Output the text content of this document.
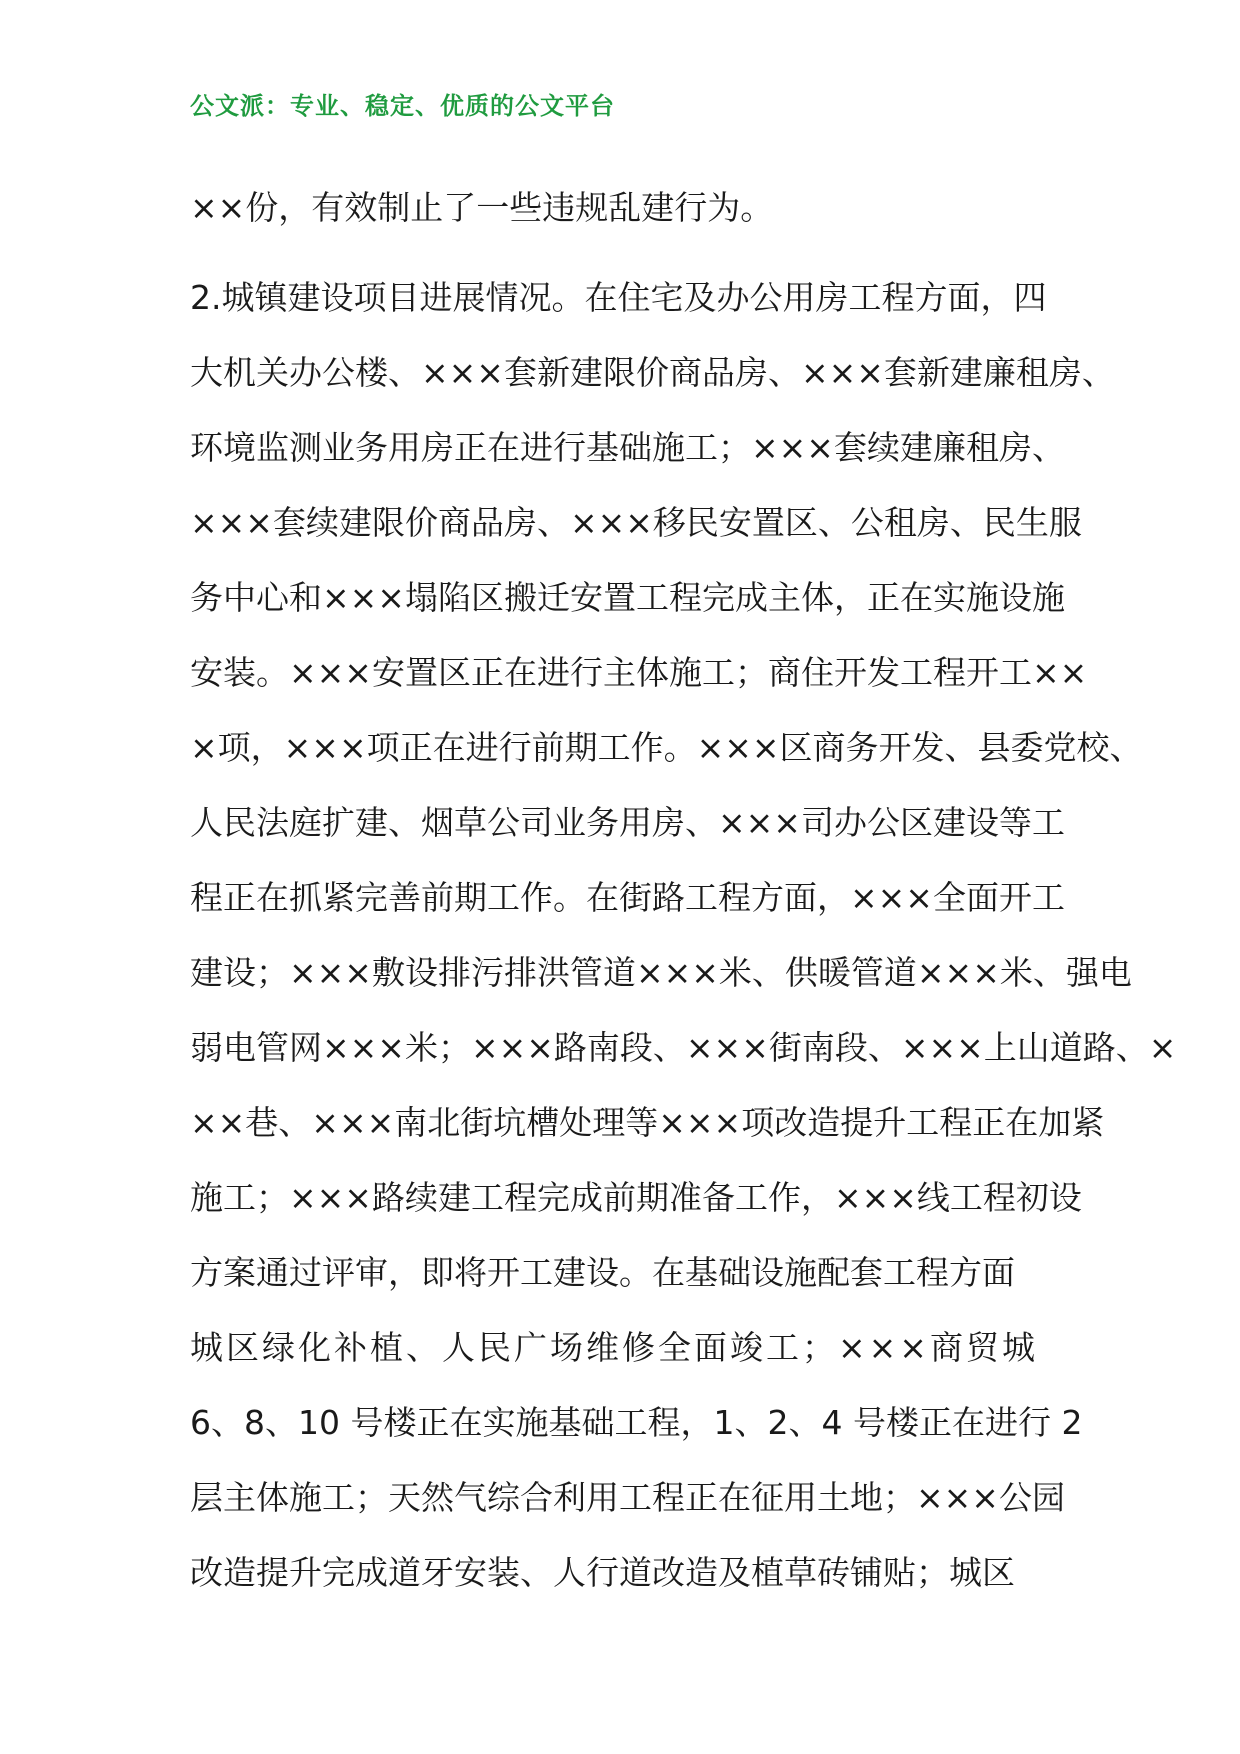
公文派：专业、稳定、优质的公文平台
××份，有效制止了一些违规乱建行为。
2.城镇建设项目进展情况。在住宅及办公用房工程方面，四
大机关办公楼、×××套新建限价商品房、×××套新建廉租房、
环境监测业务用房正在进行基础施工；×××套续建廉租房、
×××套续建限价商品房、×××移民安置区、公租房、民生服
务中心和×××塌陷区搬迁安置工程完成主体，正在实施设施
安装。×××安置区正在进行主体施工；商住开发工程开工××
×项，×××项正在进行前期工作。×××区商务开发、县委党校、
人民法庭扩建、烟草公司业务用房、×××司办公区建设等工
程正在抓紧完善前期工作。在街路工程方面，×××全面开工
建设；×××敷设排污排洪管道×××米、供暖管道×××米、强电
弱电管网×××米；×××路南段、×××街南段、×××上山道路、×
××巷、×××南北街坑槽处理等×××项改造提升工程正在加紧
施工；×××路续建工程完成前期准备工作，×××线工程初设
方案通过评审，即将开工建设。在基础设施配套工程方面
城区绿化补植、人民广场维修全面竣工；×××商贸城
6、8、10 号楼正在实施基础工程，1、2、4 号楼正在进行 2
层主体施工；天然气综合利用工程正在征用土地；×××公园
改造提升完成道牙安装、人行道改造及植草砖铺贴；城区
